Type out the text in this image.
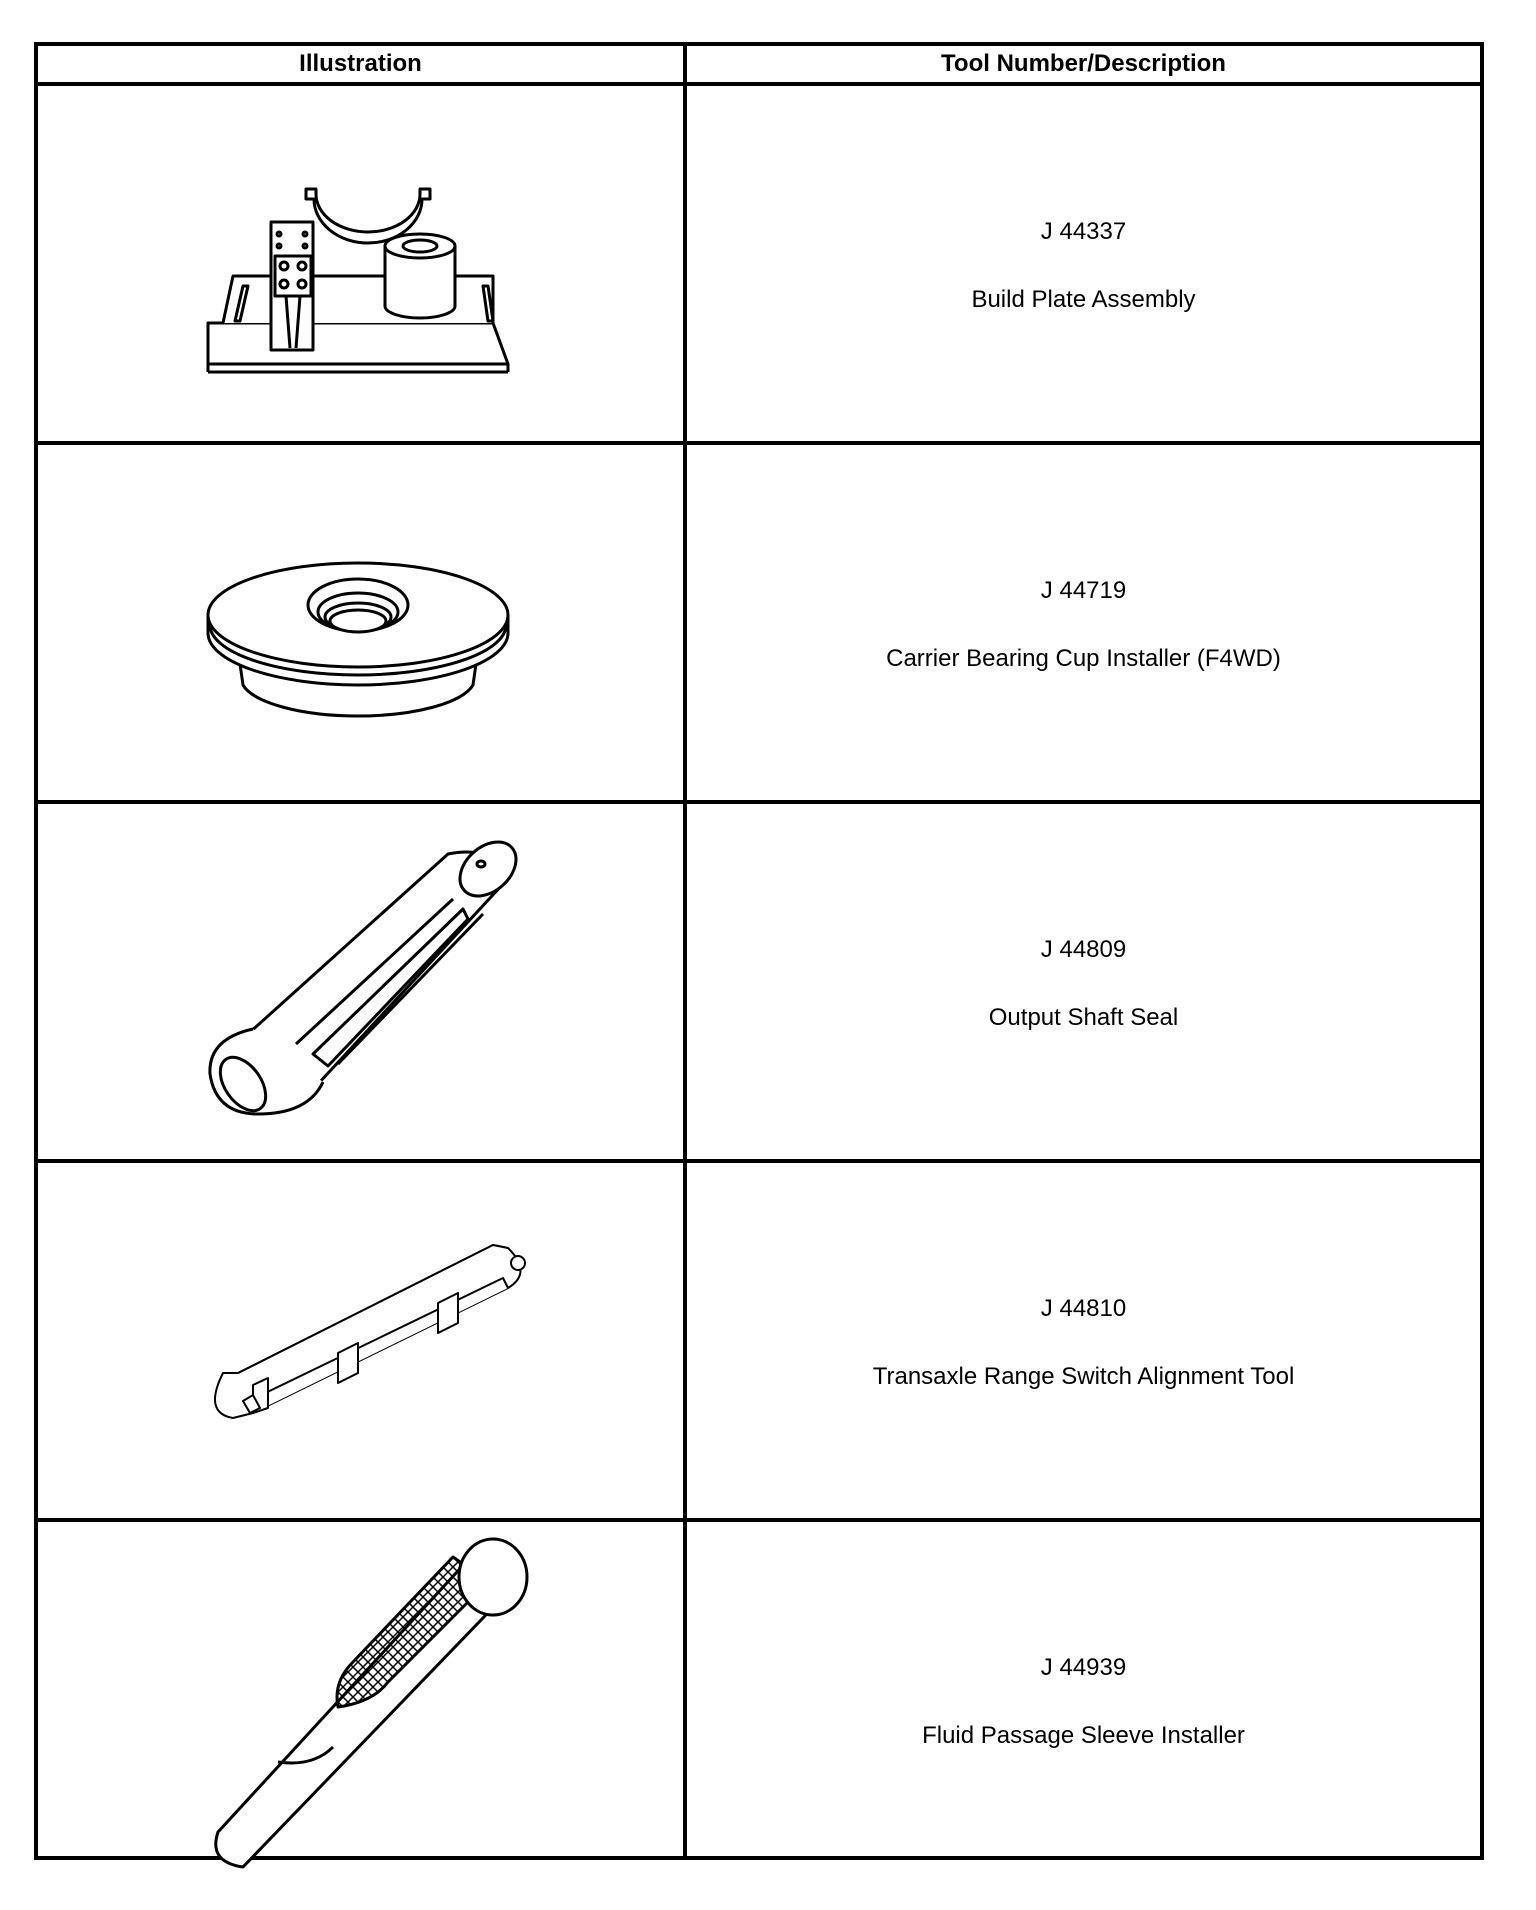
Illustration	Tool Number/Description
J 44337
Build Plate Assembly
J 44719
Carrier Bearing Cup Installer (F4WD)
J 44809
Output Shaft Seal
J 44810
Transaxle Range Switch Alignment Tool
J 44939
Fluid Passage Sleeve Installer
